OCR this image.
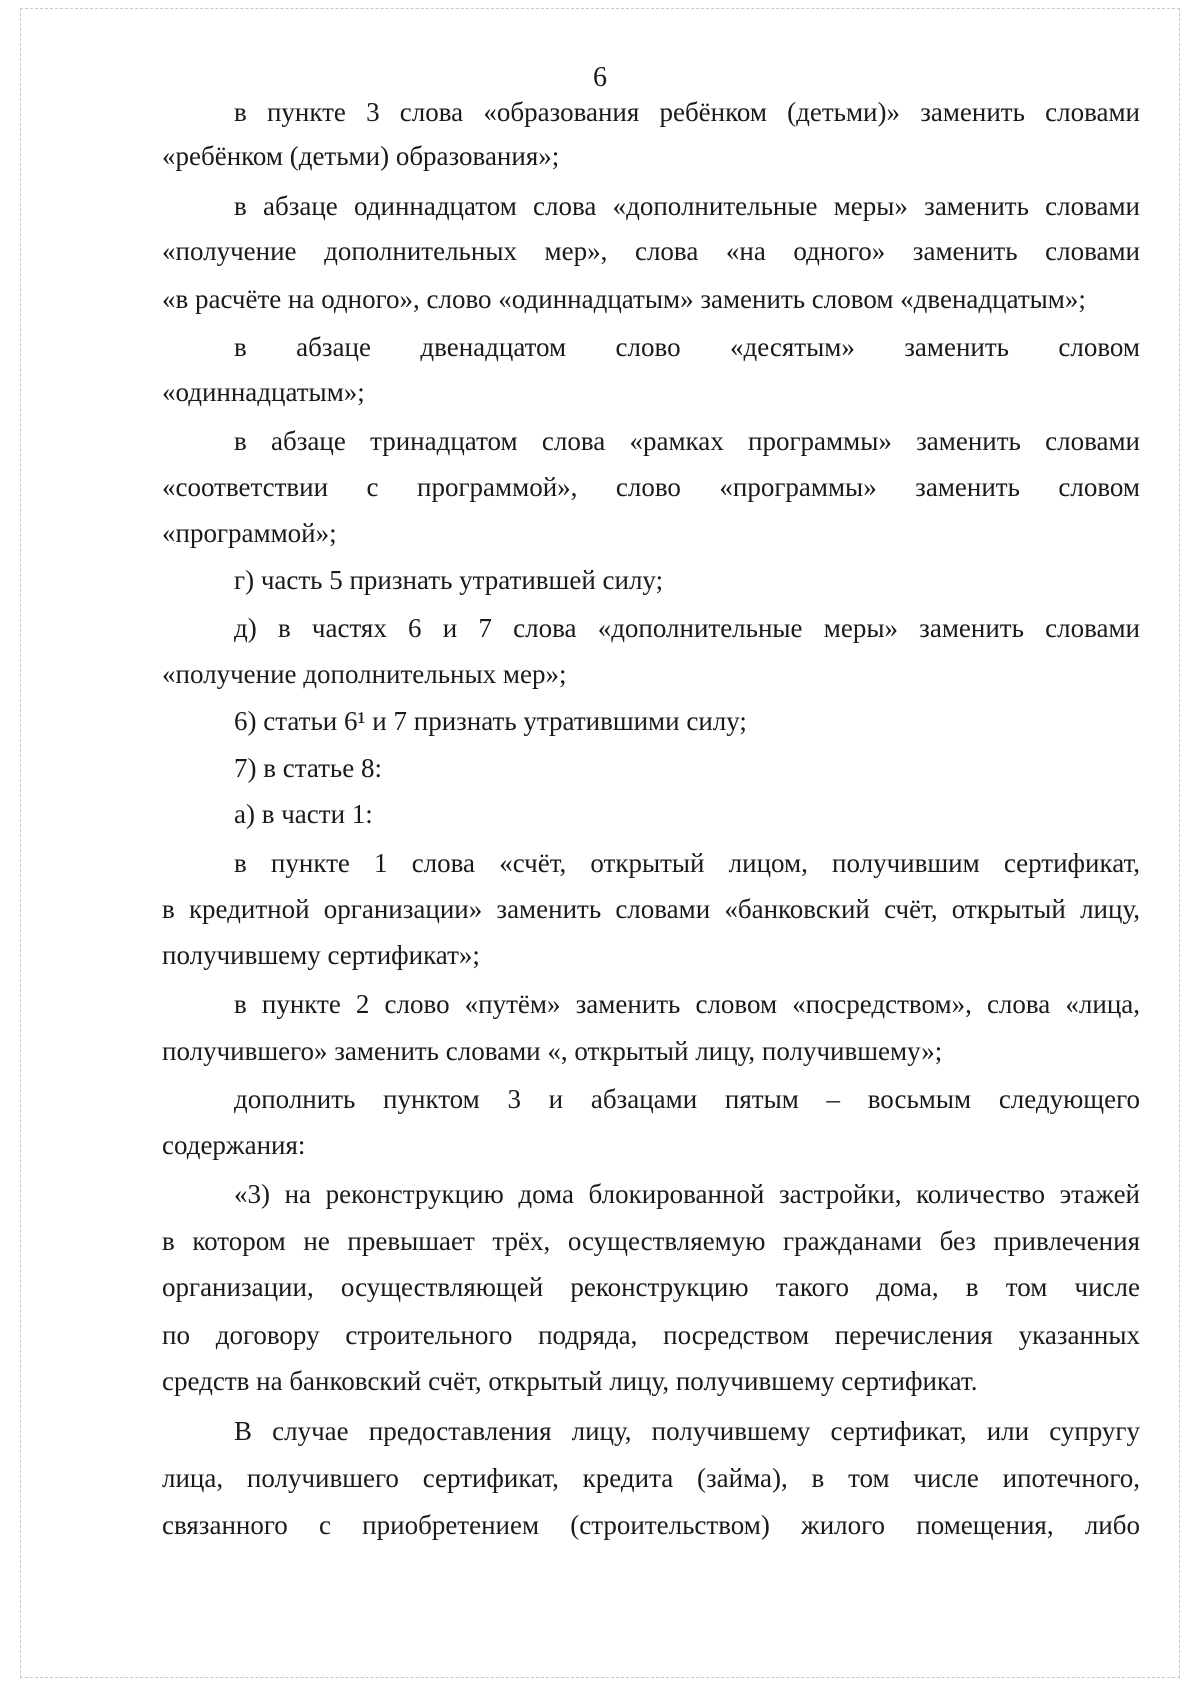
6
в пункте 3 слова «образования ребёнком (детьми)» заменить словами
«ребёнком (детьми) образования»;
в абзаце одиннадцатом слова «дополнительные меры» заменить словами
«получение дополнительных мер», слова «на одного» заменить словами
«в расчёте на одного», слово «одиннадцатым» заменить словом «двенадцатым»;
в абзаце двенадцатом слово «десятым» заменить словом
«одиннадцатым»;
в абзаце тринадцатом слова «рамках программы» заменить словами
«соответствии с программой», слово «программы» заменить словом
«программой»;
г) часть 5 признать утратившей силу;
д) в частях 6 и 7 слова «дополнительные меры» заменить словами
«получение дополнительных мер»;
6) статьи 6¹ и 7 признать утратившими силу;
7) в статье 8:
а) в части 1:
в пункте 1 слова «счёт, открытый лицом, получившим сертификат,
в кредитной организации» заменить словами «банковский счёт, открытый лицу,
получившему сертификат»;
в пункте 2 слово «путём» заменить словом «посредством», слова «лица,
получившего» заменить словами «, открытый лицу, получившему»;
дополнить пунктом 3 и абзацами пятым – восьмым следующего
содержания:
«3) на реконструкцию дома блокированной застройки, количество этажей
в котором не превышает трёх, осуществляемую гражданами без привлечения
организации, осуществляющей реконструкцию такого дома, в том числе
по договору строительного подряда, посредством перечисления указанных
средств на банковский счёт, открытый лицу, получившему сертификат.
В случае предоставления лицу, получившему сертификат, или супругу
лица, получившего сертификат, кредита (займа), в том числе ипотечного,
связанного с приобретением (строительством) жилого помещения, либо
